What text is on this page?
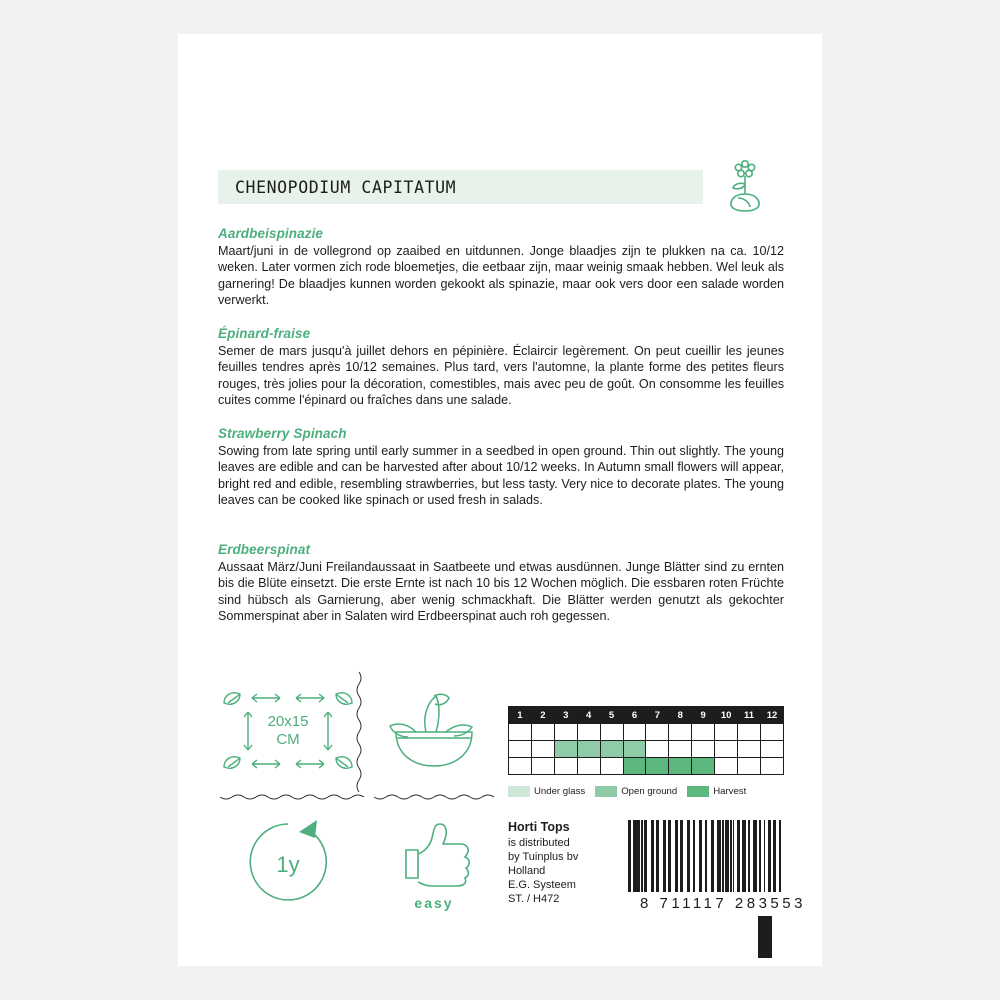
CHENOPODIUM CAPITATUM
Aardbeispinazie

Maart/juni in de vollegrond op zaaibed en uitdunnen. Jonge blaadjes zijn te plukken na ca. 10/12 weken. Later vormen zich rode bloemetjes, die eetbaar zijn, maar weinig smaak hebben. Wel leuk als garnering! De blaadjes kunnen worden gekookt als spinazie, maar ook vers door een salade worden verwerkt.

Épinard-fraise

Semer de mars jusqu'à juillet dehors en pépinière. Éclaircir legèrement. On peut cueillir les jeunes feuilles tendres après 10/12 semaines. Plus tard, vers l'automne, la plante forme des petites fleurs rouges, très jolies pour la décoration, comestibles, mais avec peu de goût. On consomme les feuilles cuites comme l'épinard ou fraîches dans une salade.

Strawberry Spinach

Sowing from late spring until early summer in a seedbed in open ground. Thin out slightly. The young leaves are edible and can be harvested after about 10/12 weeks. In Autumn small flowers will appear, bright red and edible, resembling strawberries, but less tasty. Very nice to decorate plates. The young leaves can be cooked like spinach or used fresh in salads.

Erdbeerspinat

Aussaat März/Juni Freilandaussaat in Saatbeete und etwas ausdünnen. Junge Blätter sind zu ernten bis die Blüte einsetzt. Die erste Ernte ist nach 10 bis 12 Wochen möglich. Die essbaren roten Früchte sind hübsch als Garnierung, aber wenig schmackhaft. Die Blätter werden genutzt als gekochter Sommerspinat aber in Salaten wird Erdbeerspinat auch roh gegessen.

20x15
CM
1y
easy
1	2	3	4	5	6	7	8	9	10	11	12

Under glass	Open ground	Harvest
Horti Tops
is distributed
by Tuinplus bv
Holland
E.G. Systeem
ST. / H472	8 711117 283553
